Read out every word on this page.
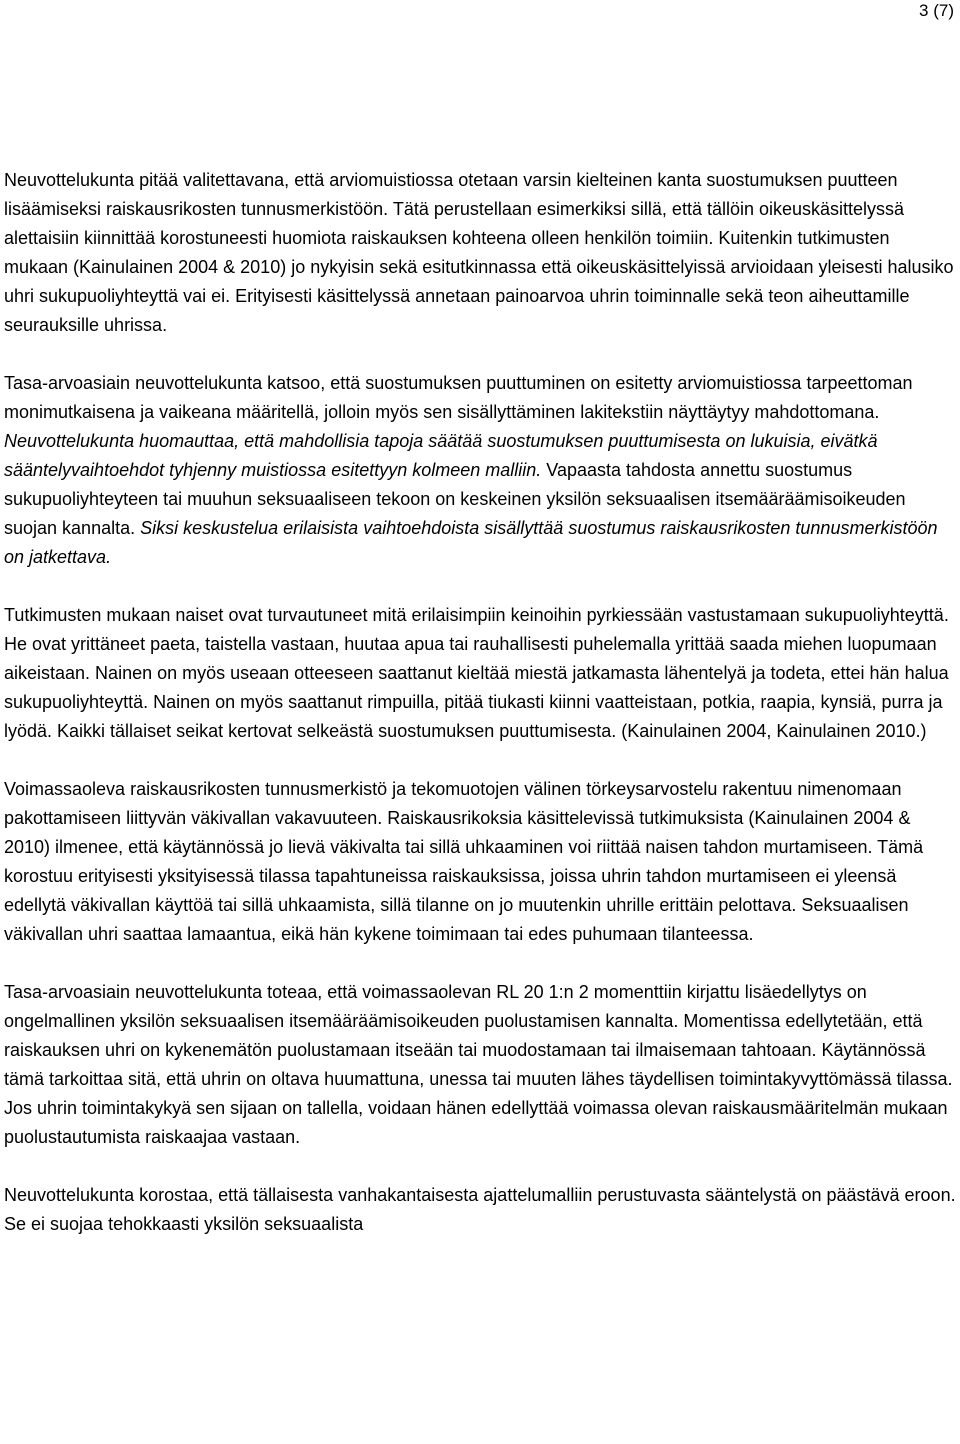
3 (7)

Neuvottelukunta pitää valitettavana, että arviomuistiossa otetaan varsin kielteinen kanta suostumuksen puutteen lisäämiseksi raiskausrikosten tunnusmerkistöön. Tätä perustellaan esimerkiksi sillä, että tällöin oikeuskäsittelyssä alettaisiin kiinnittää korostuneesti huomiota raiskauksen kohteena olleen henkilön toimiin. Kuitenkin tutkimusten mukaan (Kainulainen 2004 & 2010) jo nykyisin sekä esitutkinnassa että oikeuskäsittelyissä arvioidaan yleisesti halusiko uhri sukupuoliyhteyttä vai ei. Erityisesti käsittelyssä annetaan painoarvoa uhrin toiminnalle sekä teon aiheuttamille seurauksille uhrissa.

Tasa-arvoasiain neuvottelukunta katsoo, että suostumuksen puuttuminen on esitetty arviomuistiossa tarpeettoman monimutkaisena ja vaikeana määritellä, jolloin myös sen sisällyttäminen lakitekstiin näyttäytyy mahdottomana. Neuvottelukunta huomauttaa, että mahdollisia tapoja säätää suostumuksen puuttumisesta on lukuisia, eivätkä sääntelyvaihtoehdot tyhjenny muistiossa esitettyyn kolmeen malliin. Vapaasta tahdosta annettu suostumus sukupuoliyhteyteen tai muuhun seksuaaliseen tekoon on keskeinen yksilön seksuaalisen itsemääräämisoikeuden suojan kannalta. Siksi keskustelua erilaisista vaihtoehdoista sisällyttää suostumus raiskausrikosten tunnusmerkistöön on jatkettava.

Tutkimusten mukaan naiset ovat turvautuneet mitä erilaisimpiin keinoihin pyrkiessään vastustamaan sukupuoliyhteyttä. He ovat yrittäneet paeta, taistella vastaan, huutaa apua tai rauhallisesti puhelemalla yrittää saada miehen luopumaan aikeistaan. Nainen on myös useaan otteeseen saattanut kieltää miestä jatkamasta lähentelyä ja todeta, ettei hän halua sukupuoliyhteyttä. Nainen on myös saattanut rimpuilla, pitää tiukasti kiinni vaatteistaan, potkia, raapia, kynsiä, purra ja lyödä. Kaikki tällaiset seikat kertovat selkeästä suostumuksen puuttumisesta. (Kainulainen 2004, Kainulainen 2010.)

Voimassaoleva raiskausrikosten tunnusmerkistö ja tekomuotojen välinen törkeysarvostelu rakentuu nimenomaan pakottamiseen liittyvän väkivallan vakavuuteen. Raiskausrikoksia käsittelevissä tutkimuksista (Kainulainen 2004 & 2010) ilmenee, että käytännössä jo lievä väkivalta tai sillä uhkaaminen voi riittää naisen tahdon murtamiseen. Tämä korostuu erityisesti yksityisessä tilassa tapahtuneissa raiskauksissa, joissa uhrin tahdon murtamiseen ei yleensä edellytä väkivallan käyttöä tai sillä uhkaamista, sillä tilanne on jo muutenkin uhrille erittäin pelottava. Seksuaalisen väkivallan uhri saattaa lamaantua, eikä hän kykene toimimaan tai edes puhumaan tilanteessa.

Tasa-arvoasiain neuvottelukunta toteaa, että voimassaolevan RL 20 1:n 2 momenttiin kirjattu lisäedellytys on ongelmallinen yksilön seksuaalisen itsemääräämisoikeuden puolustamisen kannalta. Momentissa edellytetään, että raiskauksen uhri on kykenemätön puolustamaan itseään tai muodostamaan tai ilmaisemaan tahtoaan. Käytännössä tämä tarkoittaa sitä, että uhrin on oltava huumattuna, unessa tai muuten lähes täydellisen toimintakyvyttömässä tilassa. Jos uhrin toimintakykyä sen sijaan on tallella, voidaan hänen edellyttää voimassa olevan raiskausmääritelmän mukaan puolustautumista raiskaajaa vastaan.

Neuvottelukunta korostaa, että tällaisesta vanhakantaisesta ajattelumalliin perustuvasta sääntelystä on päästävä eroon. Se ei suojaa tehokkaasti yksilön seksuaalista
